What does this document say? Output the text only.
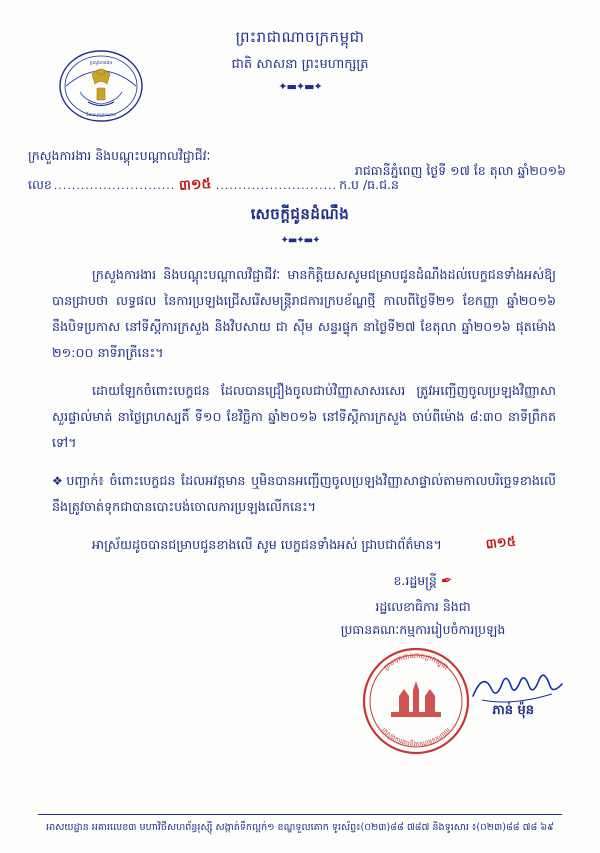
ព្រះរាជាណាចក្រកម្ពុជា
ជាតិ សាសនា ព្រះមហាក្សត្រ
✦▬✦▬✦
ប្រសូងការងារ
និងបណុឡបណ្មាល
ក្រសួងការងារ និងបណ្ដុះបណ្ដាលវិជ្ជាជីវៈ
លេខ ........................... ៣១៥ ........................... ក.ប /ធ.ជ.ន
រាជធានីភ្នំពេញ ថ្ងៃទី ១៧ ខែ តុលា ឆ្នាំ២០១៦
សេចក្ដីជូនដំណឹង
✦▬✦▬✦

ក្រសួងការងារ និងបណ្ដុះបណ្ដាលវិជ្ជាជីវៈ មានកិត្តិយសសូមជម្រាបជូនដំណឹងដល់បេក្ខជនទាំងអស់ឱ្យបានជ្រាបថា លទ្ធផល នៃការប្រឡងជ្រើសរើសមន្ត្រីរាជការក្របខ័ណ្ឌថ្មី កាលពីថ្ងៃទី២១ ខែកញ្ញា ឆ្នាំ២០១៦ នឹងបិទប្រកាស នៅទីស្ដីការក្រសួង និងវិបសាយ ជា ស៊ីម សន្ទរផ្ទុក នាថ្ងៃទី២៧ ខែតុលា ឆ្នាំ២០១៦ ផុតម៉ោង ២១:០០ នាទីរាត្រីនេះ។

ដោយឡែកចំពោះបេក្ខជន ដែលបានជ្រឿងចូលជាប់វិញ្ញាសាសរសេរ ត្រូវអញ្ជើញចូលប្រឡងវិញ្ញាសាសួរផ្ទាល់មាត់ នាថ្ងៃព្រហស្បតិ៍ ទី១០ ខែវិច្ឆិកា ឆ្នាំ២០១៦ នៅទីស្ដីការក្រសួង ចាប់ពីម៉ោង ៨:៣០ នាទីព្រឹកតទៅ។

❖ បញ្ជាក់៖ ចំពោះបេក្ខជន ដែលអវត្តមាន ឬមិនបានអញ្ជើញចូលប្រឡងវិញ្ញាសាផ្ទាល់តាមកាលបរិច្ឆេទខាងលើនឹងត្រូវចាត់ទុកជាបានបោះបង់ចោលការប្រឡងលើកនេះ។

អាស្រ័យដូចបានជម្រាបជូនខាងលើ សូម បេក្ខជនទាំងអស់ ជ្រាបជាព័ត៌មាន។	៣១៥

ខ.រដ្ឋមន្ត្រី ✒
រដ្ឋលេខាធិការ និងជា
ប្រធានគណៈកម្មការរៀបចំការប្រឡង
ប្រមហាជាណាចក្រកម្បុជា
ក្រសូងការងារនិងបណុឡបណ្មាល
ភាន់ ម៉ុន
អាសយដ្ឋាន អគារលេខ៣ មហាវិថីសហព័ន្ធរុស្ស៊ី សង្កាត់ទឹកល្អក់១ ខណ្ឌទួលគោក ទូរស័ព្ទ៖(០២៣)៨៨ ៧៨៧ និងទូរសារ ៖(០២៣)៨៨ ៧៨ ៦៩
